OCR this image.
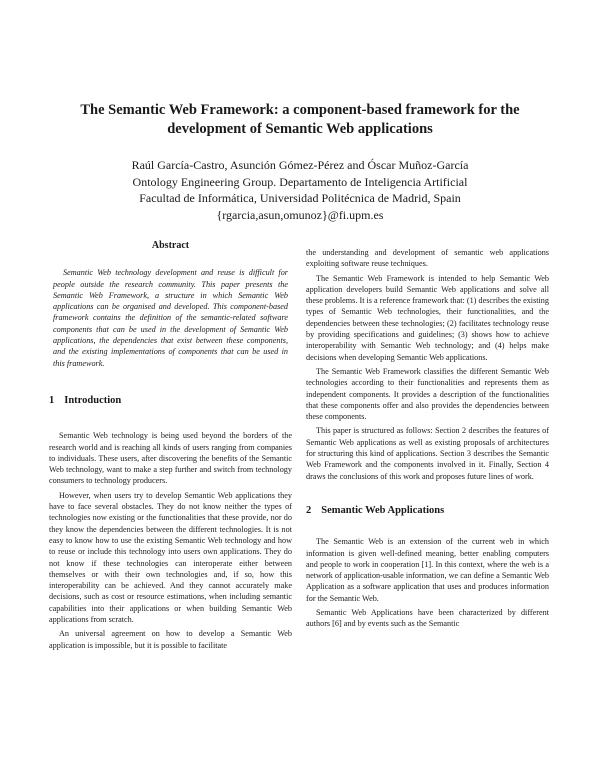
The Semantic Web Framework: a component-based framework for the
development of Semantic Web applications
Raúl García-Castro, Asunción Gómez-Pérez and Óscar Muñoz-García
Ontology Engineering Group. Departamento de Inteligencia Artificial
Facultad de Informática, Universidad Politécnica de Madrid, Spain
{rgarcia,asun,omunoz}@fi.upm.es
Abstract

Semantic Web technology development and reuse is difficult for people outside the research community. This paper presents the Semantic Web Framework, a structure in which Semantic Web applications can be organised and developed. This component-based framework contains the definition of the semantic-related software components that can be used in the development of Semantic Web applications, the dependencies that exist between these components, and the existing implementations of components that can be used in this framework.

1 Introduction

Semantic Web technology is being used beyond the borders of the research world and is reaching all kinds of users ranging from companies to individuals. These users, after discovering the benefits of the Semantic Web technology, want to make a step further and switch from technology consumers to technology producers.

However, when users try to develop Semantic Web applications they have to face several obstacles. They do not know neither the types of technologies now existing or the functionalities that these provide, nor do they know the dependencies between the different technologies. It is not easy to know how to use the existing Semantic Web technology and how to reuse or include this technology into users own applications. They do not know if these technologies can interoperate either between themselves or with their own technologies and, if so, how this interoperability can be achieved. And they cannot accurately make decisions, such as cost or resource estimations, when including semantic capabilities into their applications or when building Semantic Web applications from scratch.

An universal agreement on how to develop a Semantic Web application is impossible, but it is possible to facilitate

the understanding and development of semantic web applications exploiting software reuse techniques.

The Semantic Web Framework is intended to help Semantic Web application developers build Semantic Web applications and solve all these problems. It is a reference framework that: (1) describes the existing types of Semantic Web technologies, their functionalities, and the dependencies between these technologies; (2) facilitates technology reuse by providing specifications and guidelines; (3) shows how to achieve interoperability with Semantic Web technology; and (4) helps make decisions when developing Semantic Web applications.

The Semantic Web Framework classifies the different Semantic Web technologies according to their functionalities and represents them as independent components. It provides a description of the functionalities that these components offer and also provides the dependencies between these components.

This paper is structured as follows: Section 2 describes the features of Semantic Web applications as well as existing proposals of architectures for structuring this kind of applications. Section 3 describes the Semantic Web Framework and the components involved in it. Finally, Section 4 draws the conclusions of this work and proposes future lines of work.

2 Semantic Web Applications

The Semantic Web is an extension of the current web in which information is given well-defined meaning, better enabling computers and people to work in cooperation [1]. In this context, where the web is a network of application-usable information, we can define a Semantic Web Application as a software application that uses and produces information for the Semantic Web.

Semantic Web Applications have been characterized by different authors [6] and by events such as the Semantic
